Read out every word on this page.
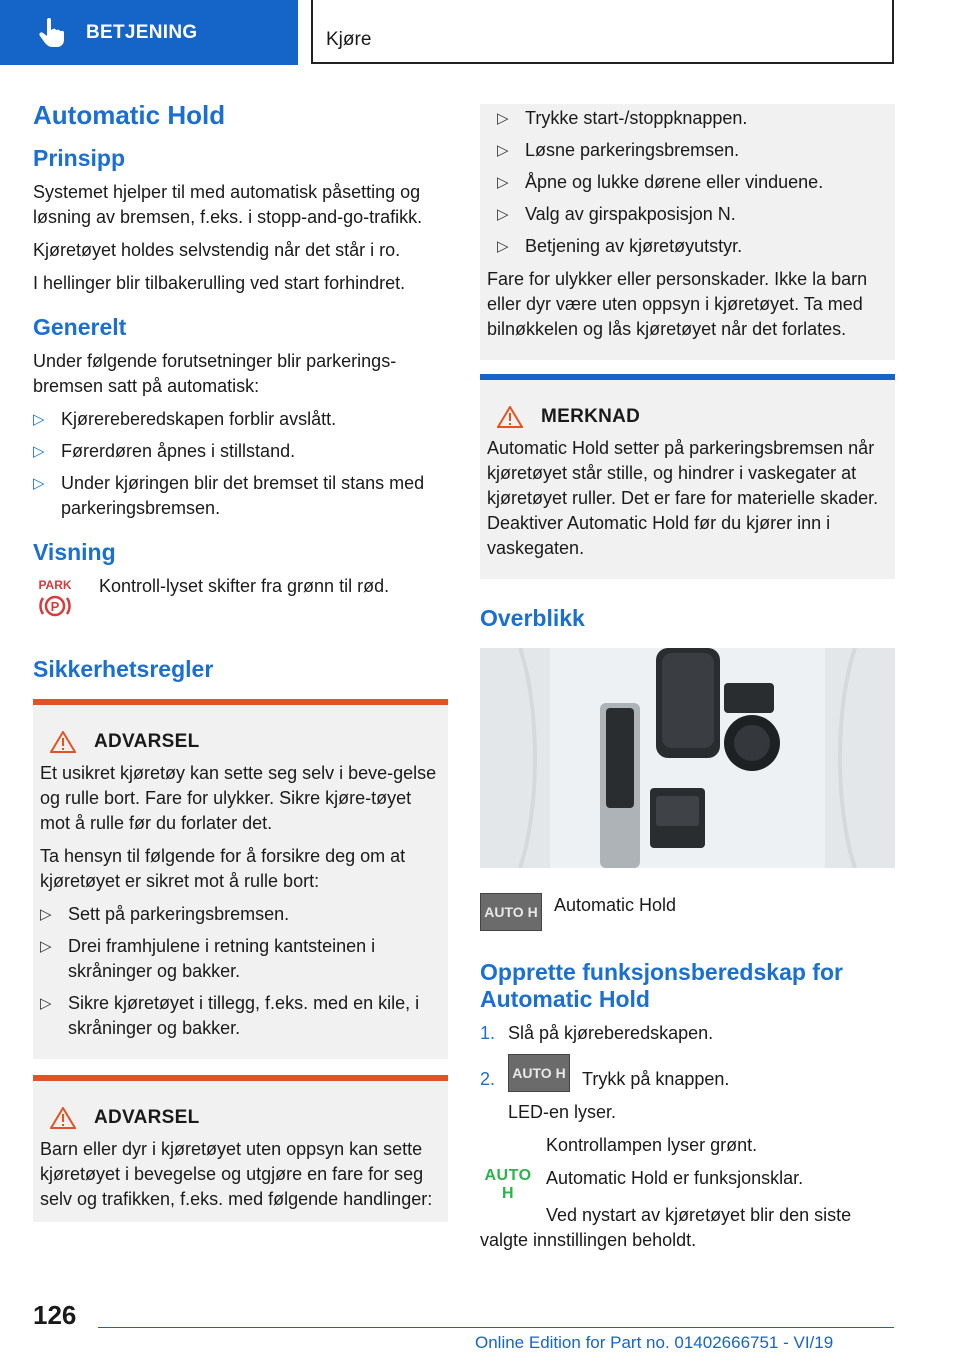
BETJENING	Kjøre
Automatic Hold
Prinsipp

Systemet hjelper til med automatisk påsetting og løsning av bremsen, f.eks. i stopp-and-go-trafikk.

Kjøretøyet holdes selvstendig når det står i ro.

I hellinger blir tilbakerulling ved start forhindret.

Generelt

Under følgende forutsetninger blir parkerings-bremsen satt på automatisk:

▷ Kjørereberedskapen forblir avslått.
▷ Førerdøren åpnes i stillstand.
▷ Under kjøringen blir det bremset til stans med parkeringsbremsen.
Visning
PARK
P
Kontroll-lyset skifter fra grønn til rød.
Sikkerhetsregler
ADVARSEL

Et usikret kjøretøy kan sette seg selv i beve-gelse og rulle bort. Fare for ulykker. Sikre kjøre-tøyet mot å rulle før du forlater det.

Ta hensyn til følgende for å forsikre deg om at kjøretøyet er sikret mot å rulle bort:

▷ Sett på parkeringsbremsen.
▷ Drei framhjulene i retning kantsteinen i skråninger og bakker.
▷ Sikre kjøretøyet i tillegg, f.eks. med en kile, i skråninger og bakker.
ADVARSEL

Barn eller dyr i kjøretøyet uten oppsyn kan sette kjøretøyet i bevegelse og utgjøre en fare for seg selv og trafikken, f.eks. med følgende handlinger:

▷ Trykke start-/stoppknappen.
▷ Løsne parkeringsbremsen.
▷ Åpne og lukke dørene eller vinduene.
▷ Valg av girspakposisjon N.
▷ Betjening av kjøretøyutstyr.

Fare for ulykker eller personskader. Ikke la barn eller dyr være uten oppsyn i kjøretøyet. Ta med bilnøkkelen og lås kjøretøyet når det forlates.

MERKNAD

Automatic Hold setter på parkeringsbremsen når kjøretøyet står stille, og hindrer i vaskegater at kjøretøyet ruller. Det er fare for materielle skader. Deaktiver Automatic Hold før du kjører inn i vaskegaten.

Overblikk
AUTO H Automatic Hold
Opprette funksjonsberedskap for Automatic Hold
1. Slå på kjøreberedskapen.
2.	AUTO H Trykk på knappen.
LED-en lyser.
AUTO H

Kontrollampen lyser grønt.

Automatic Hold er funksjonsklar.

Ved nystart av kjøretøyet blir den siste valgte innstillingen beholdt.

126
Online Edition for Part no. 01402666751 - VI/19
